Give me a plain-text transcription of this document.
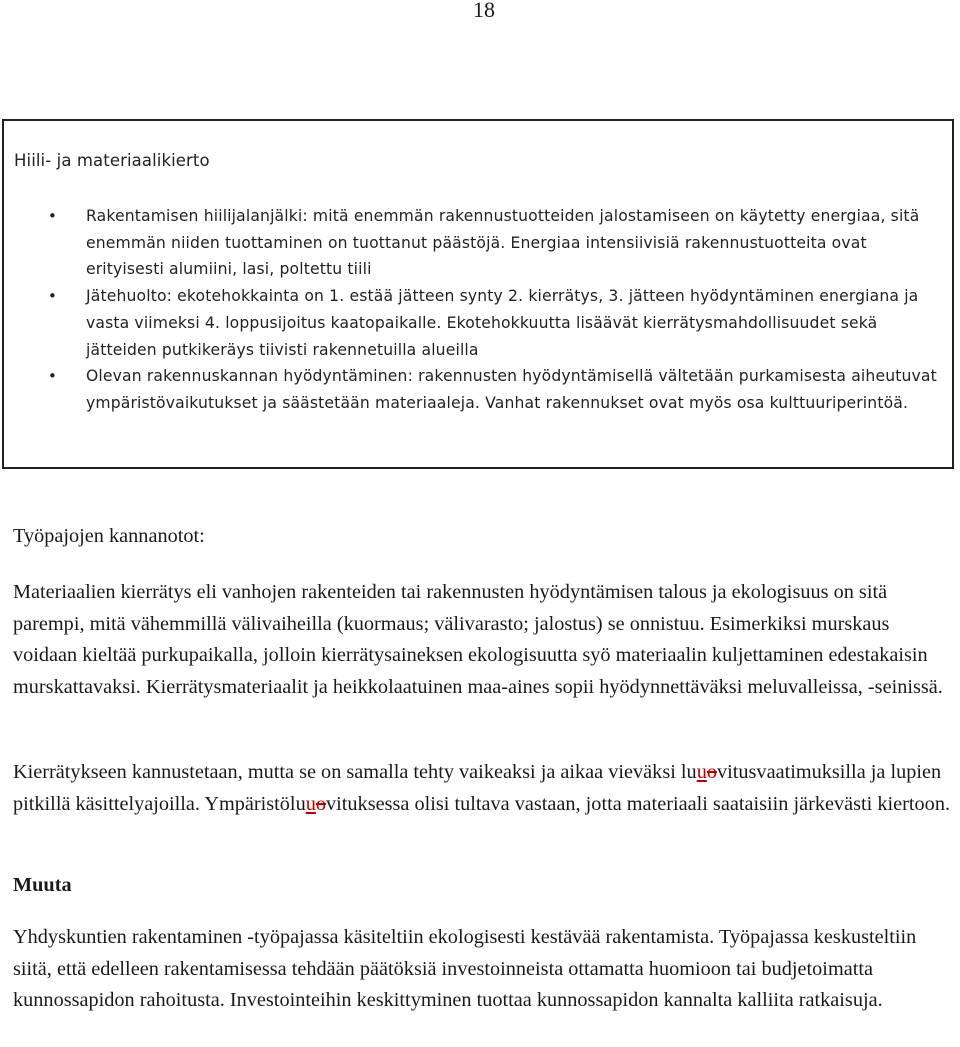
18
Hiili- ja materiaalikierto
• Rakentamisen hiilijalanjälki: mitä enemmän rakennustuotteiden jalostamiseen on käytetty energiaa, sitä enemmän niiden tuottaminen on tuottanut päästöjä. Energiaa intensiivisiä rakennustuotteita ovat erityisesti alumiini, lasi, poltettu tiili
• Jätehuolto: ekotehokkainta on 1. estää jätteen synty 2. kierrätys, 3. jätteen hyödyntäminen energiana ja vasta viimeksi 4. loppusijoitus kaatopaikalle. Ekotehokkuutta lisäävät kierrätysmahdollisuudet sekä jätteiden putkikeräys tiivisti rakennetuilla alueilla
• Olevan rakennuskannan hyödyntäminen: rakennusten hyödyntämisellä vältetään purkamisesta aiheutuvat ympäristövaikutukset ja säästetään materiaaleja. Vanhat rakennukset ovat myös osa kulttuuriperintöä.
Työpajojen kannanotot:

Materiaalien kierrätys eli vanhojen rakenteiden tai rakennusten hyödyntämisen talous ja ekologisuus on sitä parempi, mitä vähemmillä välivaiheilla (kuormaus; välivarasto; jalostus) se onnistuu. Esimerkiksi murskaus voidaan kieltää purkupaikalla, jolloin kierrätysaineksen ekologisuutta syö materiaalin kuljettaminen edestakaisin murskattavaksi. Kierrätysmateriaalit ja heikkolaatuinen maa-aines sopii hyödynnettäväksi meluvalleissa, -seinissä.

Kierrätykseen kannustetaan, mutta se on samalla tehty vaikeaksi ja aikaa vieväksi luuovitusvaatimuksilla ja lupien pitkillä käsittelyajoilla. Ympäristöluuovituksessa olisi tultava vastaan, jotta materiaali saataisiin järkevästi kiertoon.

Muuta

Yhdyskuntien rakentaminen -työpajassa käsiteltiin ekologisesti kestävää rakentamista. Työpajassa keskusteltiin siitä, että edelleen rakentamisessa tehdään päätöksiä investoinneista ottamatta huomioon tai budjetoimatta kunnossapidon rahoitusta. Investointeihin keskittyminen tuottaa kunnossapidon kannalta kalliita ratkaisuja.
